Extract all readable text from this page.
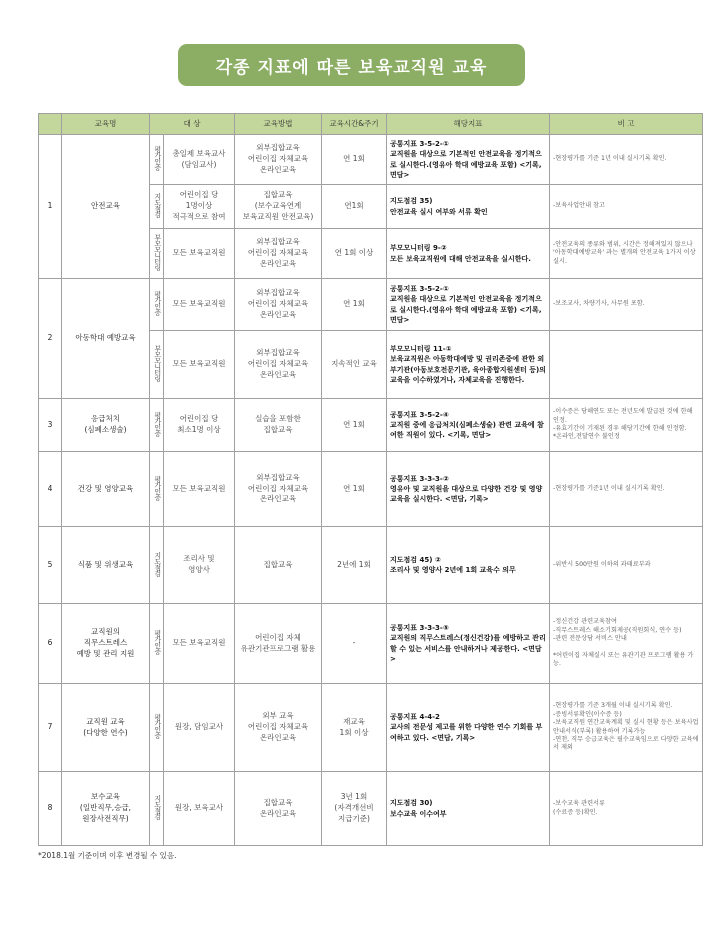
각종 지표에 따른 보육교직원 교육
	교육명	대 상		교육방법	교육시간&주기	해당지표	비 고
1	안전교육	평가인증	총일제 보육교사
(담임교사)	외부집합교육
어린이집 자체교육
온라인교육	연 1회	공통지표 3-5-2-①
교직원을 대상으로 기본적인 안전교육을 정기적으로 실시한다.(영유아 학대 예방교육 포함) <기록, 면담>	-현장평가를 기준 1년 이내 실시기록 확인.
		지도점검	어린이집 당
1명이상
적극적으로 참여	집합교육
(보수교육연계
보육교직원 안전교육)	연1회	지도점검 35)
안전교육 실시 여부와 서류 확인	-보육사업안내 참고
		부모모니터링	모든 보육교직원	외부집합교육
어린이집 자체교육
온라인교육	연 1회 이상	부모모니터링 9-②
모든 보육교직원에 대해 안전교육을 실시한다.	-안전교육의 종류와 범위, 시간은 정해져있지 않으나 '아동학대예방교육' 과는 별개의 안전교육 1가지 이상실시.
2	아동학대 예방교육	평가인증	모든 보육교직원	외부집합교육
어린이집 자체교육
온라인교육	연 1회	공통지표 3-5-2-①
교직원을 대상으로 기본적인 안전교육을 정기적으로 실시한다.(영유아 학대 예방교육 포함) <기록, 면담>	-보조교사, 차량기사, 사무원 포함.
		부모모니터링	모든 보육교직원	외부집합교육
어린이집 자체교육
온라인교육	지속적인 교육	부모모니터링 11-①
보육교직원은 아동학대예방 및 권리존중에 관한 외부기관(아동보호전문기관, 육아종합지원센터 등)의 교육을 이수하였거나, 자체교육을 진행한다.	
3	응급처치
(심폐소생술)	평가인증	어린이집 당
최소1명 이상	실습을 포함한
집합교육	연 1회	공통지표 3-5-2-④
교직원 중에 응급처치(심폐소생술) 관련 교육에 참여한 직원이 있다. <기록, 면담>	-이수증은 당해연도 또는 전년도에 발급된 것에 한해 인정.
-유효기간이 기재된 경우 해당기간에 한해 인정함.
*온라인,전달연수 불인정
4	건강 및 영양교육	평가인증	모든 보육교직원	외부집합교육
어린이집 자체교육
온라인교육	연 1회	공통지표 3-3-3-②
영유아 및 교직원을 대상으로 다양한 건강 및 영양교육을 실시한다. <면담, 기록>	-현장평가를 기준1년 이내 실시기록 확인.
5	식품 및 위생교육	지도점검	조리사 및
영양사	집합교육	2년에 1회	지도점검 45) ②
조리사 및 영양사 2년에 1회 교육수 의무	-위반시 500만원 이하의 과태료부과
6	교직원의
직무스트레스
예방 및 관리 지원	평가인증	모든 보육교직원	어린이집 자체
유관기관프로그램 활용	-	공통지표 3-3-3-⑤
교직원의 직무스트레스(정신건강)를 예방하고 관리할 수 있는 서비스를 안내하거나 제공한다. <면담>	-정신건강 관련교육참여
-직무스트레스 해소기회제공(직원회식, 연수 등)
-관련 전문상담 서비스 안내

*어린이집 자체실시 또는 유관기관 프로그램 활용 가능.
7	교직원 교육
(다양한 연수)	평가인증	원장, 담임교사	외부 교육
어린이집 자체교육
온라인교육	재교육
1회 이상	공통지표 4-4-2
교사의 전문성 제고를 위한 다양한 연수 기회를 부여하고 있다. <면담, 기록>	-현장평가를 기준 3개월 이내 실시기록 확인.
-증빙서류확인(이수증 등)
-보육교직원 연간교육계획 및 실시 현황 등은 보육사업안내서식(부록) 활용하여 기록가능
-연천, 직무 승급교육은 필수교육임으로 다양한 교육에서 제외
8	보수교육
(일반직무,승급,
원장사전직무)	지도점검	원장, 보육교사	집합교육
온라인교육	3년 1회
(자격개선비
지급기준)	지도점검 30)
보수교육 이수여부	-보수교육 관련서류
(수료증 등)확인.
*2018.1월 기준이며 이후 변경될 수 있음.
